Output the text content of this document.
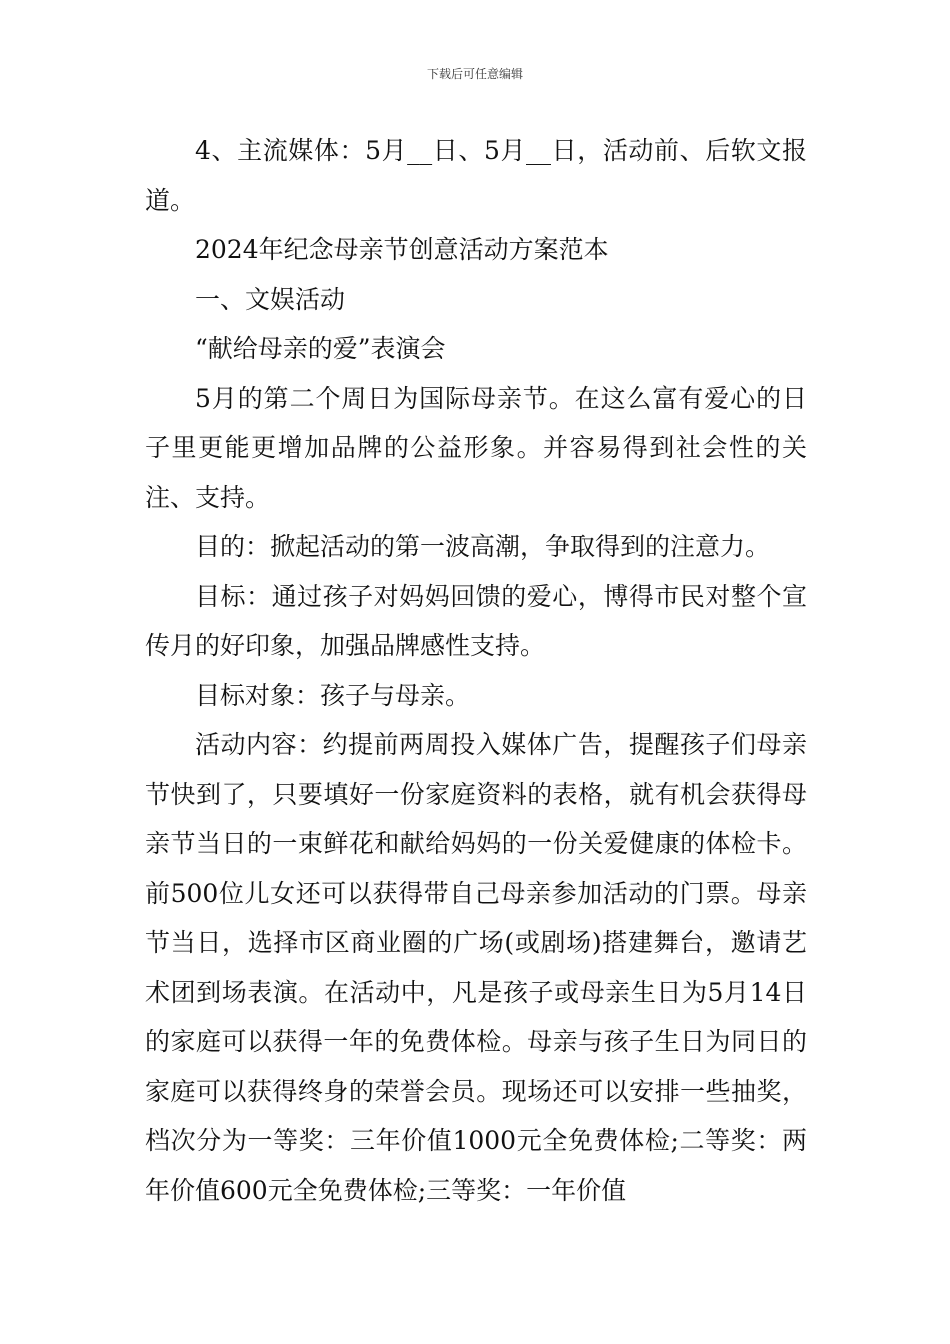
下载后可任意编辑

4、主流媒体：5月__日、5月__日，活动前、后软文报道。

2024年纪念母亲节创意活动方案范本

一、文娱活动

“献给母亲的爱”表演会

5月的第二个周日为国际母亲节。在这么富有爱心的日子里更能更增加品牌的公益形象。并容易得到社会性的关注、支持。

目的：掀起活动的第一波高潮，争取得到的注意力。

目标：通过孩子对妈妈回馈的爱心，博得市民对整个宣传月的好印象，加强品牌感性支持。

目标对象：孩子与母亲。

活动内容：约提前两周投入媒体广告，提醒孩子们母亲节快到了，只要填好一份家庭资料的表格，就有机会获得母亲节当日的一束鲜花和献给妈妈的一份关爱健康的体检卡。前500位儿女还可以获得带自己母亲参加活动的门票。母亲节当日，选择市区商业圈的广场(或剧场)搭建舞台，邀请艺术团到场表演。在活动中，凡是孩子或母亲生日为5月14日的家庭可以获得一年的免费体检。母亲与孩子生日为同日的家庭可以获得终身的荣誉会员。现场还可以安排一些抽奖，档次分为一等奖：三年价值1000元全免费体检;二等奖：两年价值600元全免费体检;三等奖：一年价值
